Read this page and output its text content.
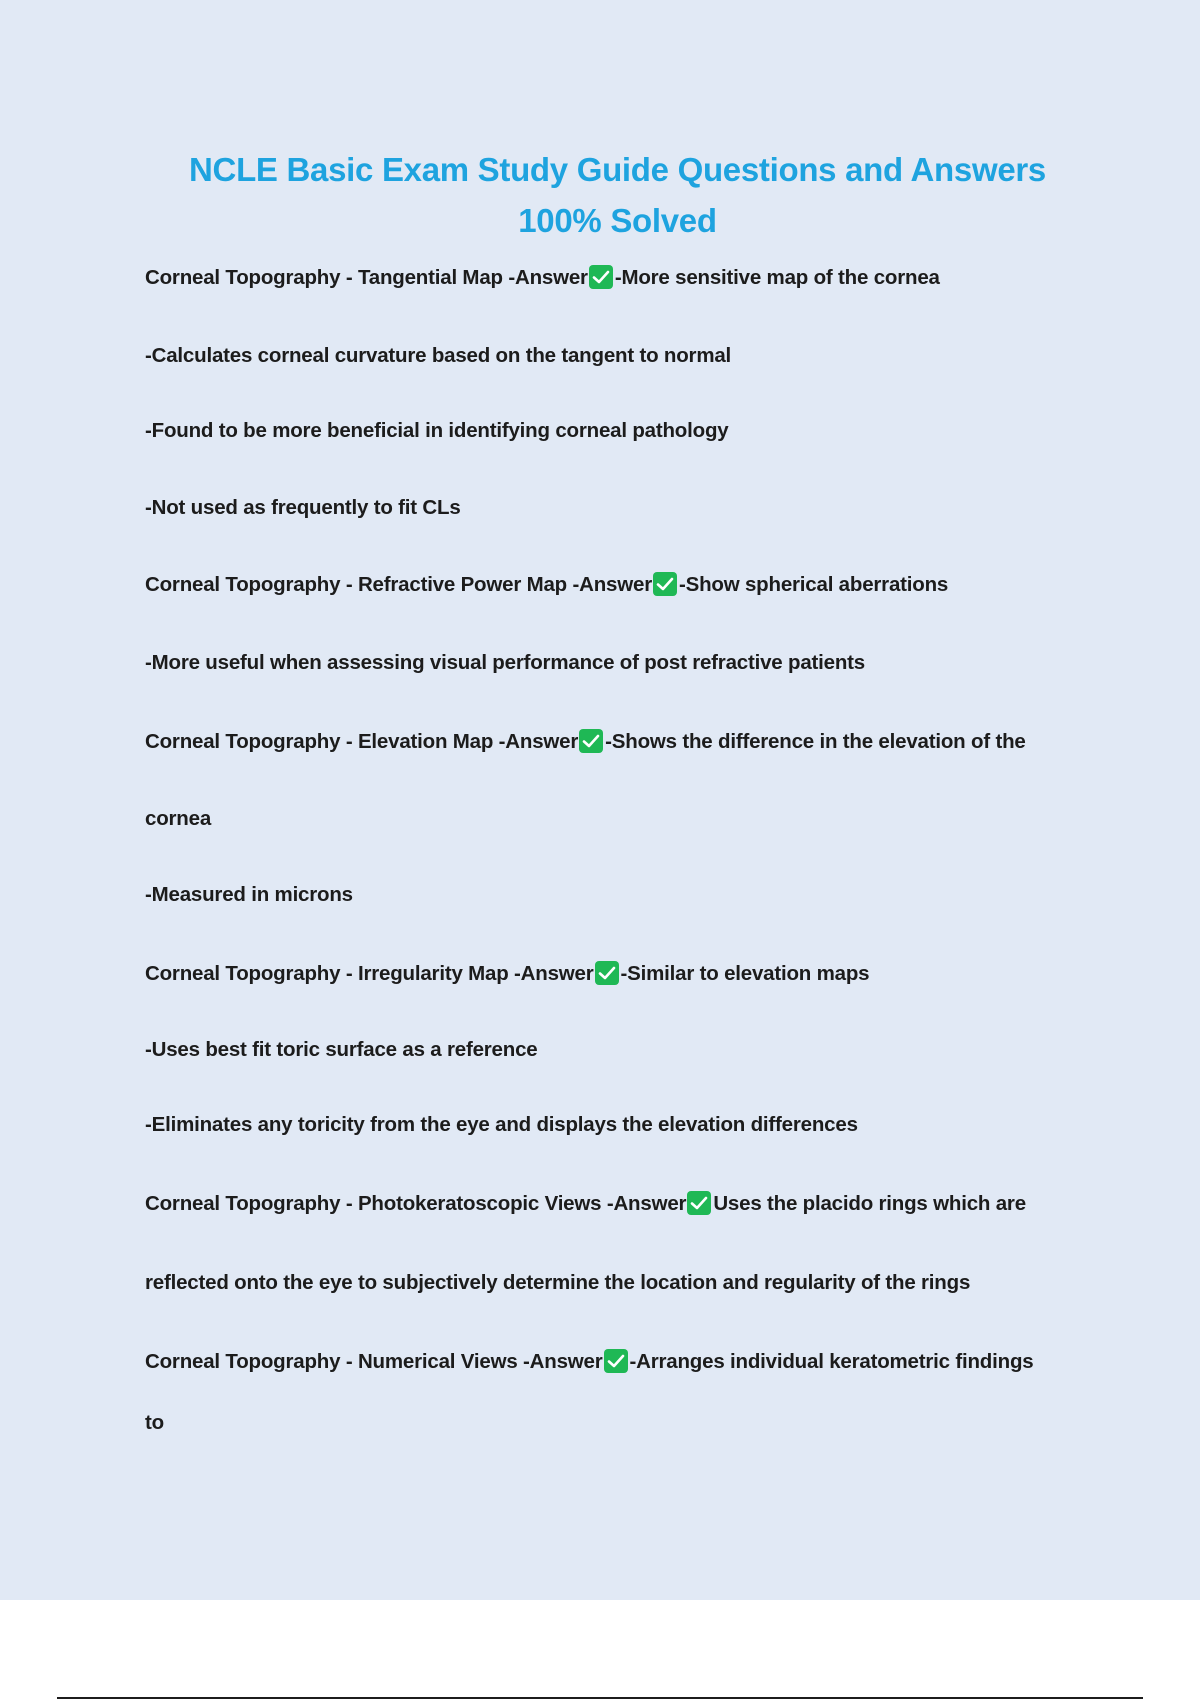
NCLE Basic Exam Study Guide Questions and Answers
100% Solved

Corneal Topography - Tangential Map -Answer -More sensitive map of the cornea

-Calculates corneal curvature based on the tangent to normal

-Found to be more beneficial in identifying corneal pathology

-Not used as frequently to fit CLs

Corneal Topography - Refractive Power Map -Answer -Show spherical aberrations

-More useful when assessing visual performance of post refractive patients

Corneal Topography - Elevation Map -Answer -Shows the difference in the elevation of the

cornea

-Measured in microns

Corneal Topography - Irregularity Map -Answer -Similar to elevation maps

-Uses best fit toric surface as a reference

-Eliminates any toricity from the eye and displays the elevation differences

Corneal Topography - Photokeratoscopic Views -Answer Uses the placido rings which are

reflected onto the eye to subjectively determine the location and regularity of the rings

Corneal Topography - Numerical Views -Answer -Arranges individual keratometric findings

to
